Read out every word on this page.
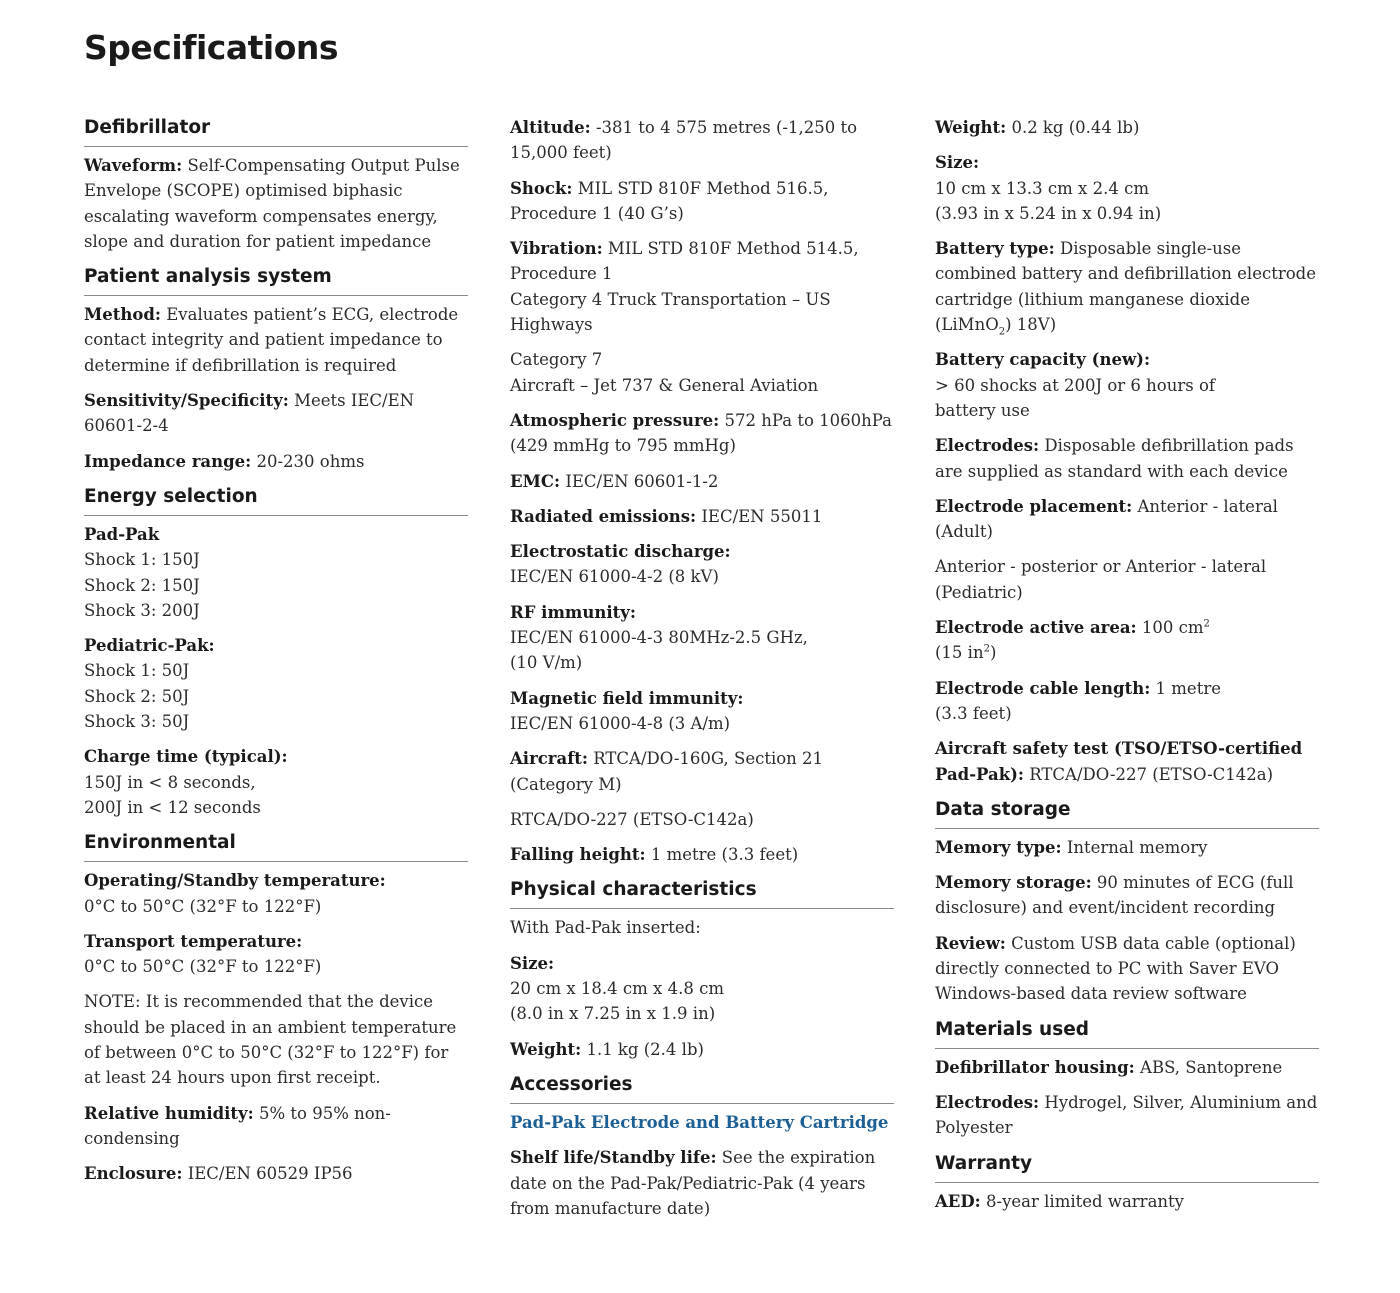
Specifications
Defibrillator

Waveform: Self-Compensating Output Pulse Envelope (SCOPE) optimised biphasic escalating waveform compensates energy, slope and duration for patient impedance

Patient analysis system

Method: Evaluates patient’s ECG, electrode contact integrity and patient impedance to determine if defibrillation is required

Sensitivity/Specificity: Meets IEC/EN 60601-2-4

Impedance range: 20-230 ohms

Energy selection

Pad-Pak
Shock 1: 150J
Shock 2: 150J
Shock 3: 200J

Pediatric-Pak:
Shock 1: 50J
Shock 2: 50J
Shock 3: 50J

Charge time (typical):
150J in < 8 seconds,
200J in < 12 seconds

Environmental

Operating/Standby temperature:
0°C to 50°C (32°F to 122°F)

Transport temperature:
0°C to 50°C (32°F to 122°F)

NOTE: It is recommended that the device should be placed in an ambient temperature of between 0°C to 50°C (32°F to 122°F) for at least 24 hours upon first receipt.

Relative humidity: 5% to 95% non-condensing

Enclosure: IEC/EN 60529 IP56

Altitude: -381 to 4 575 metres (-1,250 to 15,000 feet)

Shock: MIL STD 810F Method 516.5, Procedure 1 (40 G’s)

Vibration: MIL STD 810F Method 514.5, Procedure 1
Category 4 Truck Transportation – US Highways

Category 7
Aircraft – Jet 737 & General Aviation

Atmospheric pressure: 572 hPa to 1060hPa (429 mmHg to 795 mmHg)

EMC: IEC/EN 60601-1-2

Radiated emissions: IEC/EN 55011

Electrostatic discharge:
IEC/EN 61000-4-2 (8 kV)

RF immunity:
IEC/EN 61000-4-3 80MHz-2.5 GHz,
(10 V/m)

Magnetic field immunity:
IEC/EN 61000-4-8 (3 A/m)

Aircraft: RTCA/DO-160G, Section 21 (Category M)

RTCA/DO-227 (ETSO-C142a)

Falling height: 1 metre (3.3 feet)

Physical characteristics

With Pad-Pak inserted:

Size:
20 cm x 18.4 cm x 4.8 cm
(8.0 in x 7.25 in x 1.9 in)

Weight: 1.1 kg (2.4 lb)

Accessories

Pad-Pak Electrode and Battery Cartridge

Shelf life/Standby life: See the expiration date on the Pad-Pak/Pediatric-Pak (4 years from manufacture date)

Weight: 0.2 kg (0.44 lb)

Size:
10 cm x 13.3 cm x 2.4 cm
(3.93 in x 5.24 in x 0.94 in)

Battery type: Disposable single-use combined battery and defibrillation electrode cartridge (lithium manganese dioxide (LiMnO$_2$) 18V)

Battery capacity (new):
> 60 shocks at 200J or 6 hours of
battery use

Electrodes: Disposable defibrillation pads are supplied as standard with each device

Electrode placement: Anterior - lateral (Adult)

Anterior - posterior or Anterior - lateral (Pediatric)

Electrode active area: 100 $cm^2$
(15 $in^2$)

Electrode cable length: 1 metre
(3.3 feet)

Aircraft safety test (TSO/ETSO-certified Pad-Pak): RTCA/DO-227 (ETSO-C142a)

Data storage

Memory type: Internal memory

Memory storage: 90 minutes of ECG (full disclosure) and event/incident recording

Review: Custom USB data cable (optional) directly connected to PC with Saver EVO Windows-based data review software

Materials used

Defibrillator housing: ABS, Santoprene

Electrodes: Hydrogel, Silver, Aluminium and Polyester

Warranty

AED: 8-year limited warranty
